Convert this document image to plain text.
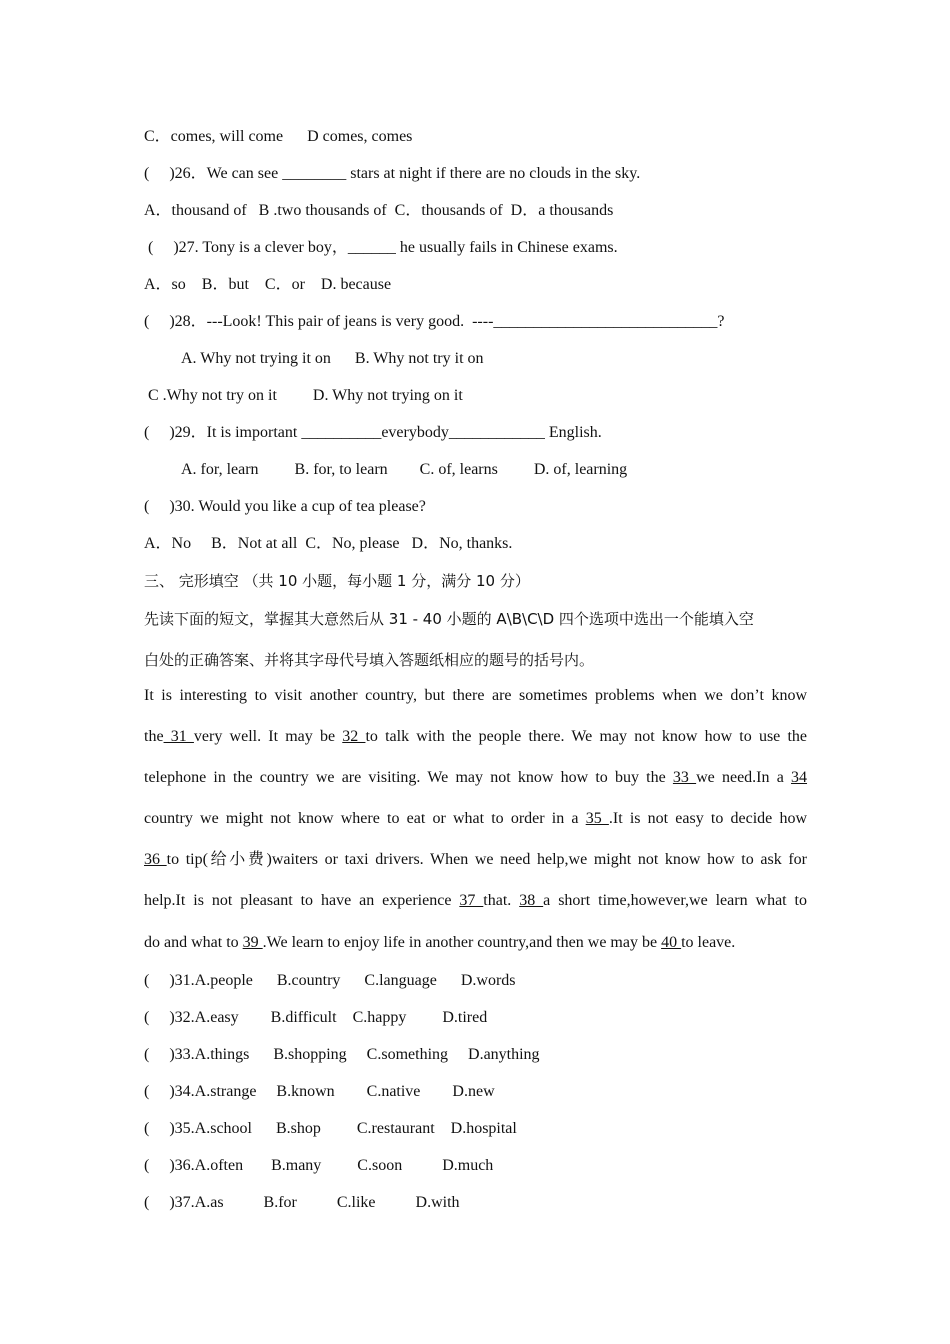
C．comes, will come      D comes, comes
(     )26．We can see ________ stars at night if there are no clouds in the sky.
A．thousand of   B .two thousands of  C．thousands of  D．a thousands
(     )27. Tony is a clever boy，______ he usually fails in Chinese exams.
A．so    B．but    C．or    D. because
(     )28．---Look! This pair of jeans is very good.  ----____________________________?
A. Why not trying it on      B. Why not try it on
C .Why not try on it         D. Why not trying on it
(     )29．It is important __________everybody____________ English.
A. for, learn         B. for, to learn        C. of, learns         D. of, learning
(     )30. Would you like a cup of tea please?
A．No     B．Not at all  C．No, please   D．No, thanks.
三、 完形填空 （共 10 小题，每小题 1 分，满分 10 分）
先读下面的短文，掌握其大意然后从 31 - 40 小题的 A\B\C\D 四个选项中选出一个能填入空
白处的正确答案、并将其字母代号填入答题纸相应的题号的括号内。
It is interesting to visit another country, but there are sometimes problems when we don’t know
the 31 very well. It may be 32 to talk with the people there. We may not know how to use the
telephone in the country we are visiting. We may not know how to buy the 33 we need.In a 34
country we might not know where to eat or what to order in a 35 .It is not easy to decide how
36 to tip(给小费)waiters or taxi drivers. When we need help,we might not know how to ask for
help.It is not pleasant to have an experience 37 that. 38 a short time,however,we learn what to
do and what to 39 .We learn to enjoy life in another country,and then we may be 40 to leave.
(     )31.A.people      B.country      C.language      D.words
(     )32.A.easy        B.difficult    C.happy         D.tired
(     )33.A.things      B.shopping     C.something     D.anything
(     )34.A.strange     B.known        C.native        D.new
(     )35.A.school      B.shop         C.restaurant    D.hospital
(     )36.A.often       B.many         C.soon          D.much
(     )37.A.as          B.for          C.like          D.with
